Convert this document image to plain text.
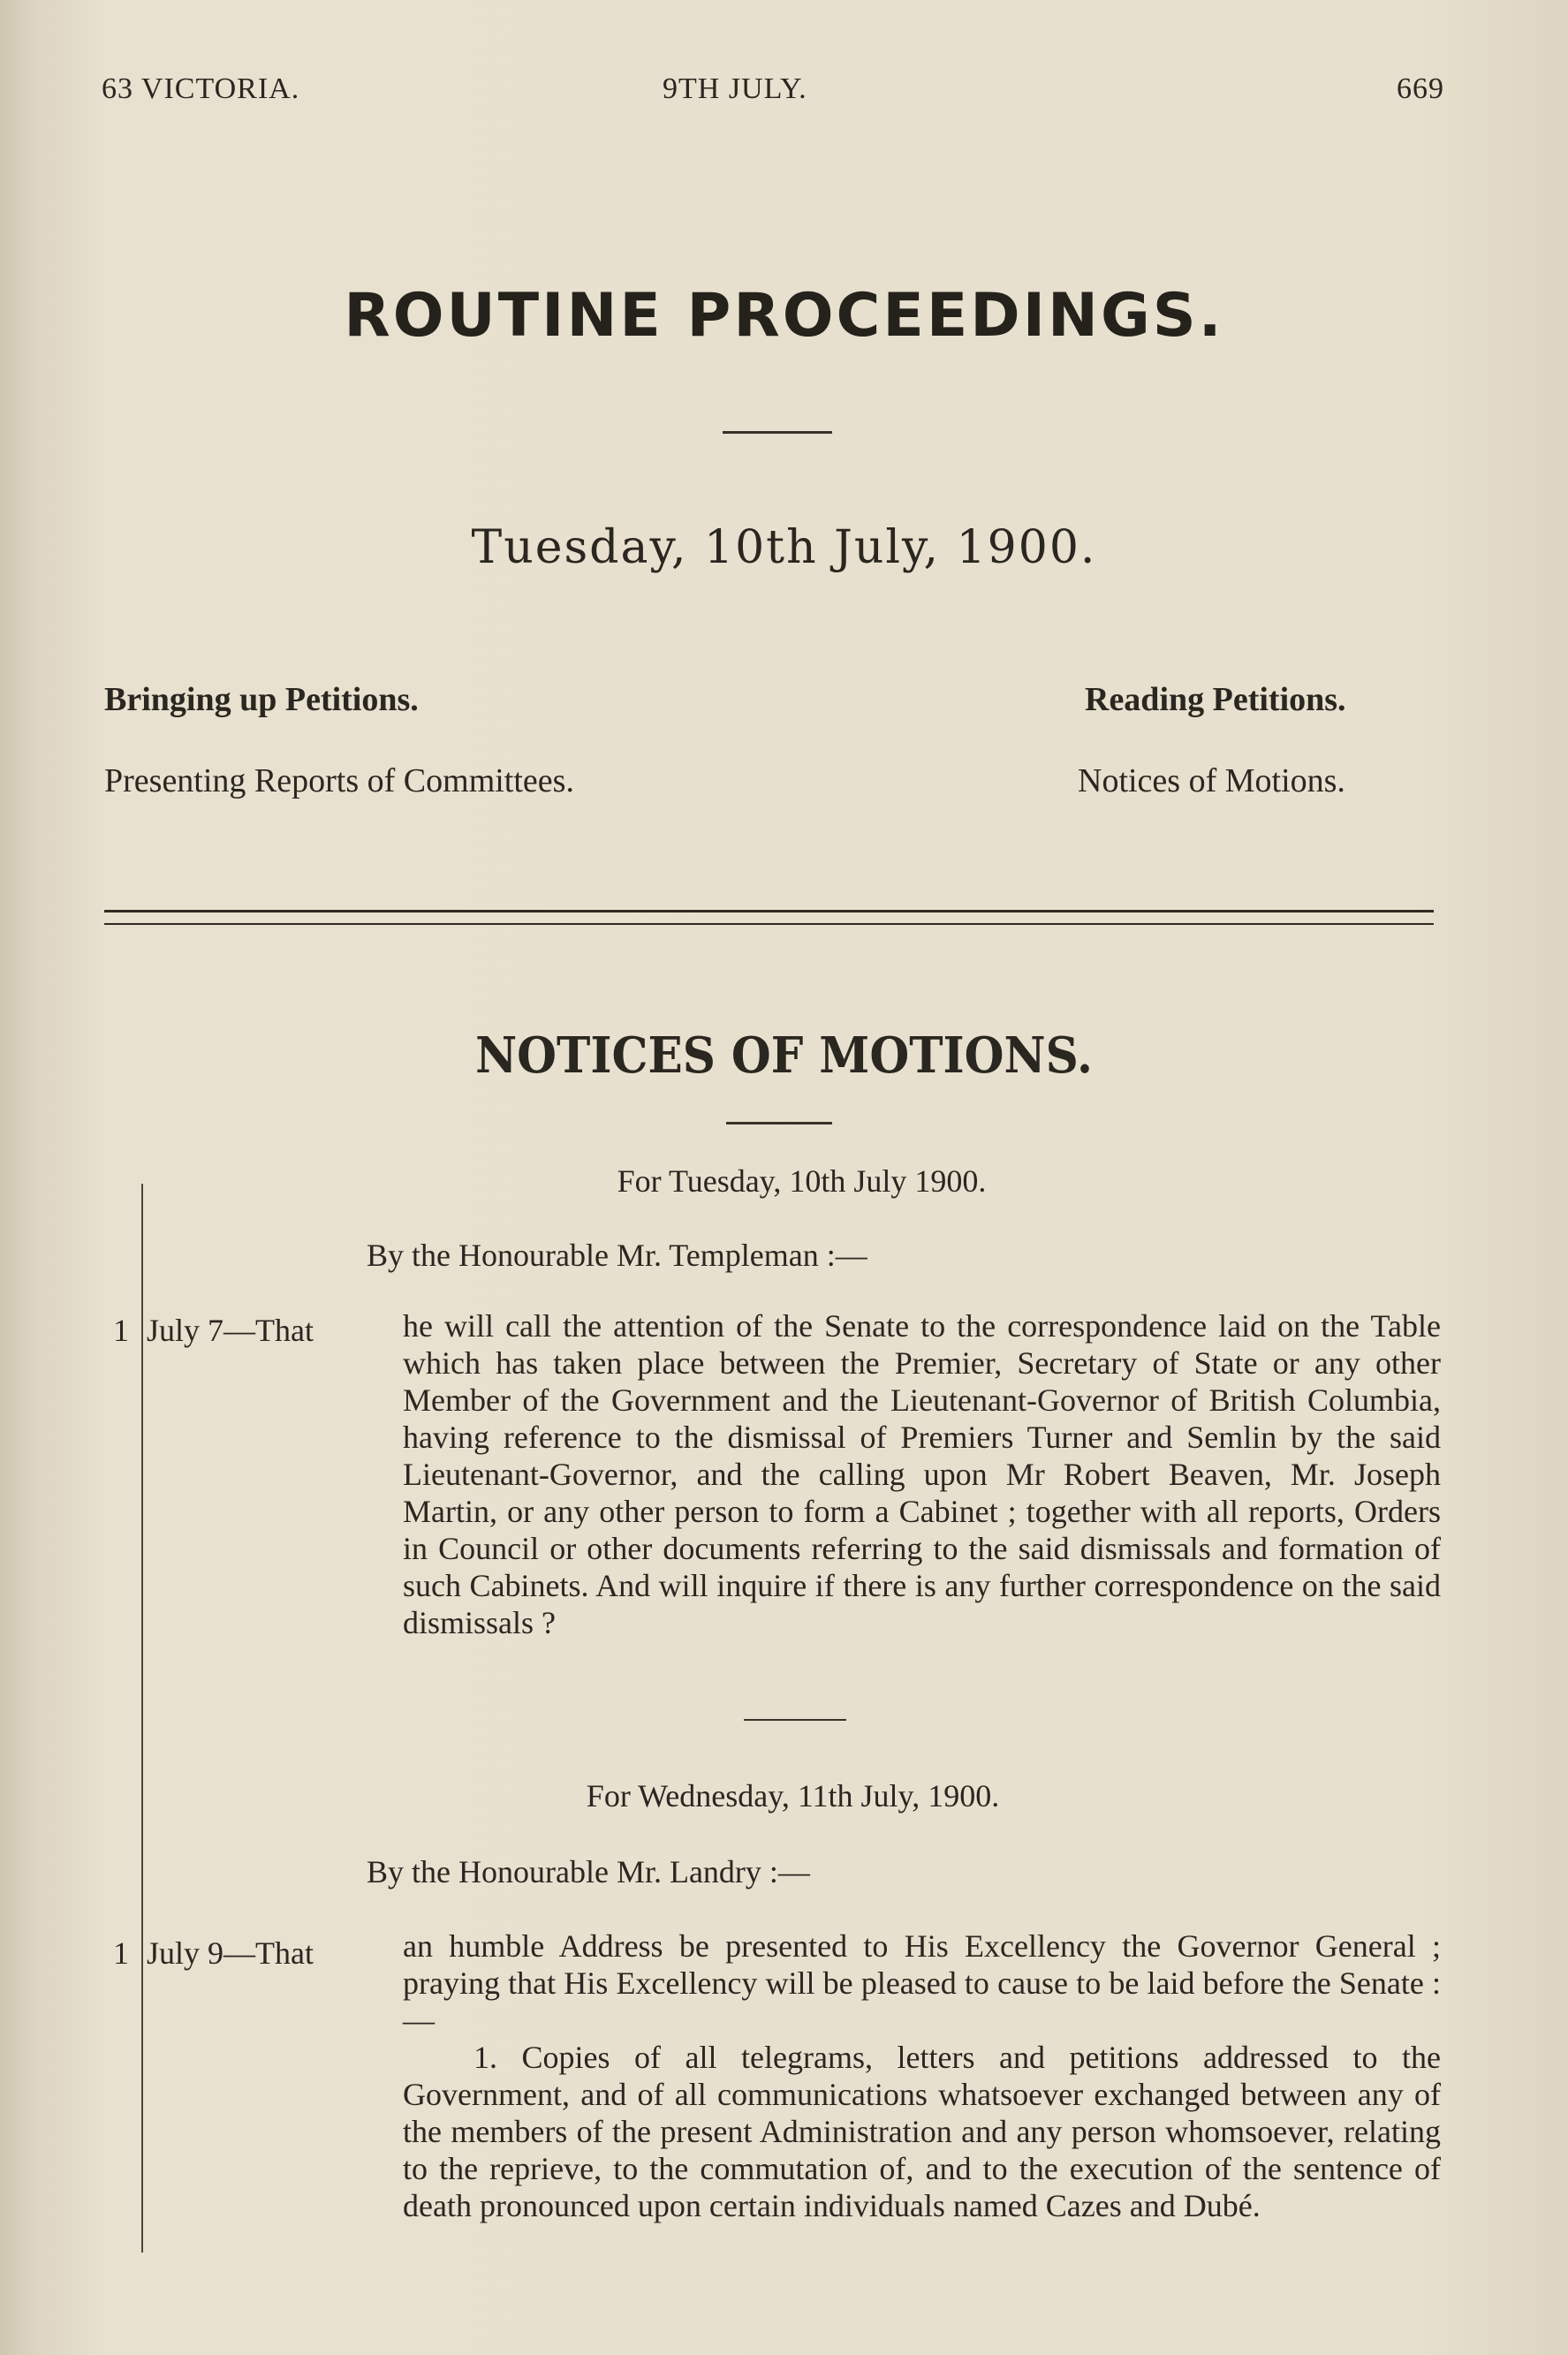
63 VICTORIA.	9TH JULY.	669
ROUTINE PROCEEDINGS.
Tuesday, 10th July, 1900.
Bringing up Petitions.	Reading Petitions.
Presenting Reports of Committees.	Notices of Motions.
NOTICES OF MOTIONS.
For Tuesday, 10th July 1900.
By the Honourable Mr. Templeman :—
1 July 7—That	he will call the attention of the Senate to the correspondence laid on the Table which has taken place between the Premier, Secretary of State or any other Member of the Government and the Lieutenant-Governor of British Columbia, having reference to the dismissal of Premiers Turner and Semlin by the said Lieutenant-Governor, and the calling upon Mr Robert Beaven, Mr. Joseph Martin, or any other person to form a Cabinet ; together with all reports, Orders in Council or other documents referring to the said dismissals and formation of such Cabinets. And will inquire if there is any further correspondence on the said dismissals ?
For Wednesday, 11th July, 1900.
By the Honourable Mr. Landry :—
1 July 9—That	an humble Address be presented to His Excellency the Governor General ; praying that His Excellency will be pleased to cause to be laid before the Senate :—
1. Copies of all telegrams, letters and petitions addressed to the Government, and of all communications whatsoever exchanged between any of the members of the present Administration and any person whomsoever, relating to the reprieve, to the commutation of, and to the execution of the sentence of death pronounced upon certain individuals named Cazes and Dubé.
